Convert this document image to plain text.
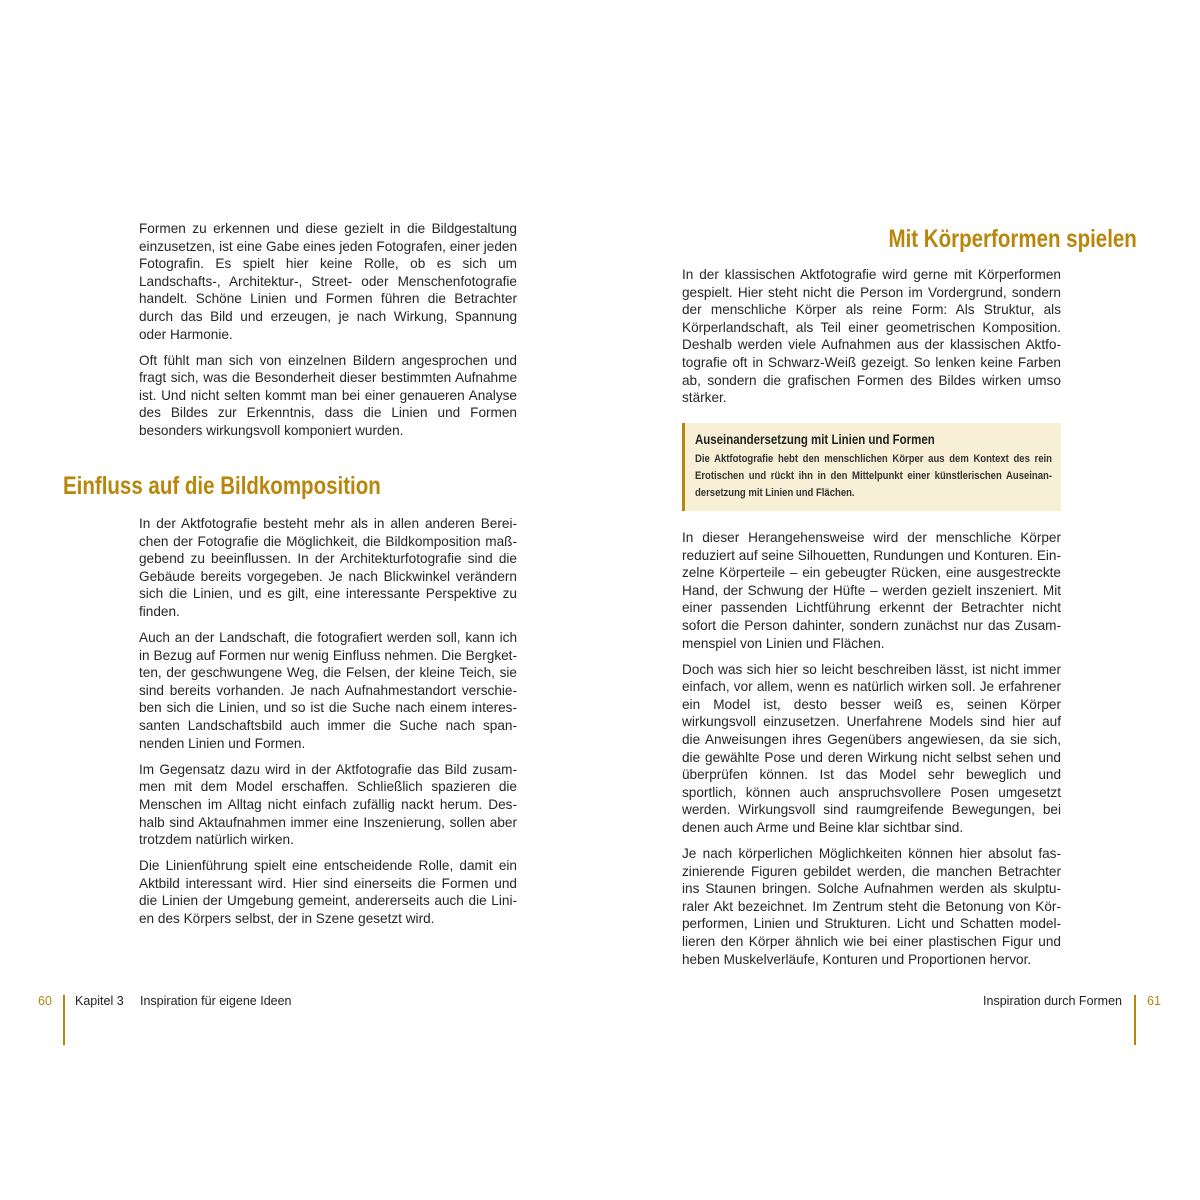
Formen zu erkennen und diese gezielt in die Bildgestaltung einzusetzen, ist eine Gabe eines jeden Fotografen, einer jeden Fotografin. Es spielt hier keine Rolle, ob es sich um Landschafts-, Architektur-, Street- oder Menschenfotografie handelt. Schöne Linien und Formen führen die Betrachter durch das Bild und erzeugen, je nach Wirkung, Spannung oder Harmonie.

Oft fühlt man sich von einzelnen Bildern angesprochen und fragt sich, was die Besonderheit dieser bestimmten Aufnahme ist. Und nicht selten kommt man bei einer genaueren Analyse des Bildes zur Erkenntnis, dass die Linien und Formen besonders wirkungsvoll komponiert wurden.

Einfluss auf die Bildkomposition

In der Aktfotografie besteht mehr als in allen anderen Bereichen der Fotografie die Möglichkeit, die Bildkomposition maßgebend zu beeinflussen. In der Architekturfotografie sind die Gebäude bereits vorgegeben. Je nach Blickwinkel verändern sich die Linien, und es gilt, eine interessante Perspektive zu finden.

Auch an der Landschaft, die fotografiert werden soll, kann ich in Bezug auf Formen nur wenig Einfluss nehmen. Die Bergketten, der geschwungene Weg, die Felsen, der kleine Teich, sie sind bereits vorhanden. Je nach Aufnahmestandort verschieben sich die Linien, und so ist die Suche nach einem interessanten Landschaftsbild auch immer die Suche nach spannenden Linien und Formen.

Im Gegensatz dazu wird in der Aktfotografie das Bild zusammen mit dem Model erschaffen. Schließlich spazieren die Menschen im Alltag nicht einfach zufällig nackt herum. Deshalb sind Aktaufnahmen immer eine Inszenierung, sollen aber trotzdem natürlich wirken.

Die Linienführung spielt eine entscheidende Rolle, damit ein Aktbild interessant wird. Hier sind einerseits die Formen und die Linien der Umgebung gemeint, andererseits auch die Linien des Körpers selbst, der in Szene gesetzt wird.

60 Kapitel 3 Inspiration für eigene Ideen
Mit Körperformen spielen

In der klassischen Aktfotografie wird gerne mit Körperformen gespielt. Hier steht nicht die Person im Vordergrund, sondern der menschliche Körper als reine Form: Als Struktur, als Körperlandschaft, als Teil einer geometrischen Komposition. Deshalb werden viele Aufnahmen aus der klassischen Aktfotografie oft in Schwarz-Weiß gezeigt. So lenken keine Farben ab, sondern die grafischen Formen des Bildes wirken umso stärker.

Auseinandersetzung mit Linien und Formen
Die Aktfotografie hebt den menschlichen Körper aus dem Kontext des rein Erotischen und rückt ihn in den Mittelpunkt einer künstlerischen Auseinandersetzung mit Linien und Flächen.

In dieser Herangehensweise wird der menschliche Körper reduziert auf seine Silhouetten, Rundungen und Konturen. Einzelne Körperteile – ein gebeugter Rücken, eine ausgestreckte Hand, der Schwung der Hüfte – werden gezielt inszeniert. Mit einer passenden Lichtführung erkennt der Betrachter nicht sofort die Person dahinter, sondern zunächst nur das Zusammenspiel von Linien und Flächen.

Doch was sich hier so leicht beschreiben lässt, ist nicht immer einfach, vor allem, wenn es natürlich wirken soll. Je erfahrener ein Model ist, desto besser weiß es, seinen Körper wirkungsvoll einzusetzen. Unerfahrene Models sind hier auf die Anweisungen ihres Gegenübers angewiesen, da sie sich, die gewählte Pose und deren Wirkung nicht selbst sehen und überprüfen können. Ist das Model sehr beweglich und sportlich, können auch anspruchsvollere Posen umgesetzt werden. Wirkungsvoll sind raumgreifende Bewegungen, bei denen auch Arme und Beine klar sichtbar sind.

Je nach körperlichen Möglichkeiten können hier absolut faszinierende Figuren gebildet werden, die manchen Betrachter ins Staunen bringen. Solche Aufnahmen werden als skulpturaler Akt bezeichnet. Im Zentrum steht die Betonung von Körperformen, Linien und Strukturen. Licht und Schatten modellieren den Körper ähnlich wie bei einer plastischen Figur und heben Muskelverläufe, Konturen und Proportionen hervor.

Inspiration durch Formen 61
